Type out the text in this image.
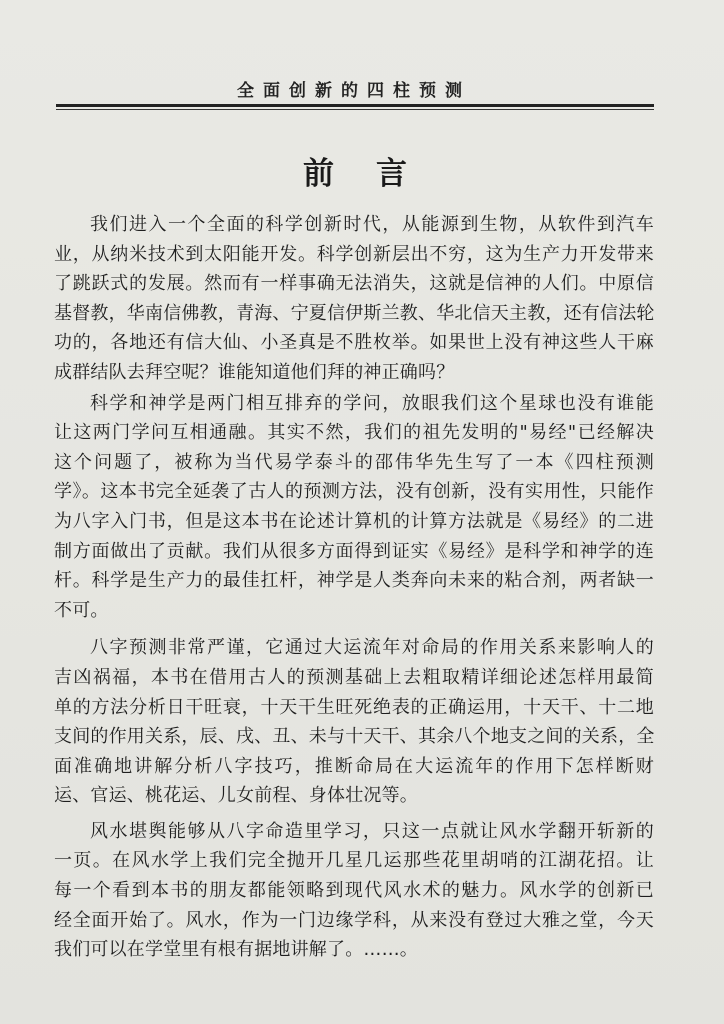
全面创新的四柱预测
前言

我们进入一个全面的科学创新时代，从能源到生物，从软件到汽车
业，从纳米技术到太阳能开发。科学创新层出不穷，这为生产力开发带来
了跳跃式的发展。然而有一样事确无法消失，这就是信神的人们。中原信
基督教，华南信佛教，青海、宁夏信伊斯兰教、华北信天主教，还有信法轮
功的，各地还有信大仙、小圣真是不胜枚举。如果世上没有神这些人干麻
成群结队去拜空呢？谁能知道他们拜的神正确吗？

科学和神学是两门相互排弃的学问，放眼我们这个星球也没有谁能
让这两门学问互相通融。其实不然，我们的祖先发明的"易经"已经解决
这个问题了，被称为当代易学泰斗的邵伟华先生写了一本《四柱预测
学》。这本书完全延袭了古人的预测方法，没有创新，没有实用性，只能作
为八字入门书，但是这本书在论述计算机的计算方法就是《易经》的二进
制方面做出了贡献。我们从很多方面得到证实《易经》是科学和神学的连
杆。科学是生产力的最佳扛杆，神学是人类奔向未来的粘合剂，两者缺一
不可。

八字预测非常严谨，它通过大运流年对命局的作用关系来影响人的
吉凶祸福，本书在借用古人的预测基础上去粗取精详细论述怎样用最简
单的方法分析日干旺衰，十天干生旺死绝表的正确运用，十天干、十二地
支间的作用关系，辰、戌、丑、未与十天干、其余八个地支之间的关系，全
面准确地讲解分析八字技巧，推断命局在大运流年的作用下怎样断财
运、官运、桃花运、儿女前程、身体壮况等。

风水堪舆能够从八字命造里学习，只这一点就让风水学翻开斩新的
一页。在风水学上我们完全抛开几星几运那些花里胡哨的江湖花招。让
每一个看到本书的朋友都能领略到现代风水术的魅力。风水学的创新已
经全面开始了。风水，作为一门边缘学科，从来没有登过大雅之堂，今天
我们可以在学堂里有根有据地讲解了。……。
